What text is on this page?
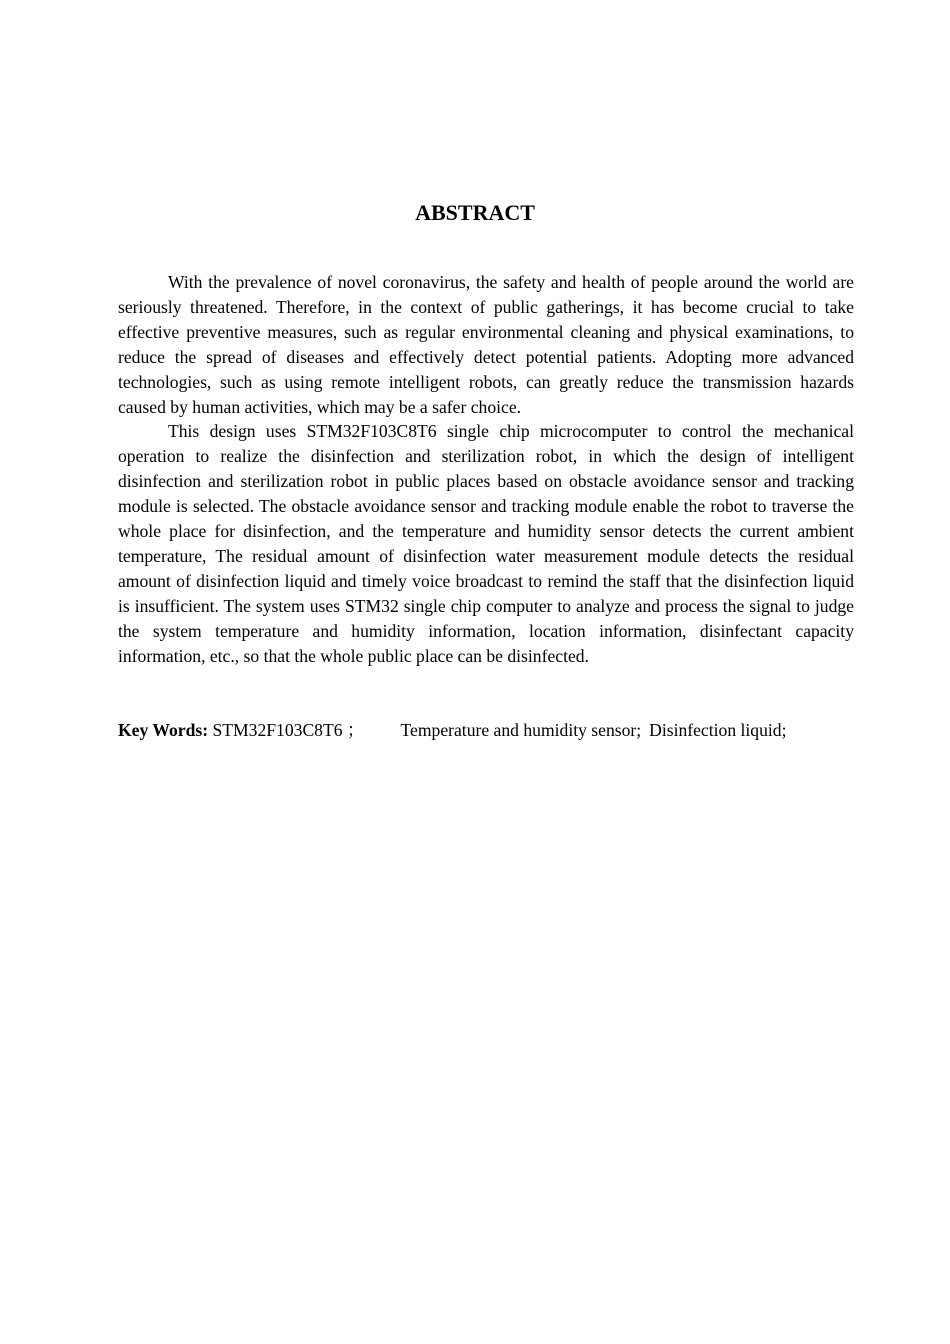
ABSTRACT

With the prevalence of novel coronavirus, the safety and health of people around the world are seriously threatened. Therefore, in the context of public gatherings, it has become crucial to take effective preventive measures, such as regular environmental cleaning and physical examinations, to reduce the spread of diseases and effectively detect potential patients. Adopting more advanced technologies, such as using remote intelligent robots, can greatly reduce the transmission hazards caused by human activities, which may be a safer choice.

This design uses STM32F103C8T6 single chip microcomputer to control the mechanical operation to realize the disinfection and sterilization robot, in which the design of intelligent disinfection and sterilization robot in public places based on obstacle avoidance sensor and tracking module is selected. The obstacle avoidance sensor and tracking module enable the robot to traverse the whole place for disinfection, and the temperature and humidity sensor detects the current ambient temperature, The residual amount of disinfection water measurement module detects the residual amount of disinfection liquid and timely voice broadcast to remind the staff that the disinfection liquid is insufficient. The system uses STM32 single chip computer to analyze and process the signal to judge the system temperature and humidity information, location information, disinfectant capacity information, etc., so that the whole public place can be disinfected.

Key Words: STM32F103C8T6 ； Temperature and humidity sensor; Disinfection liquid;
